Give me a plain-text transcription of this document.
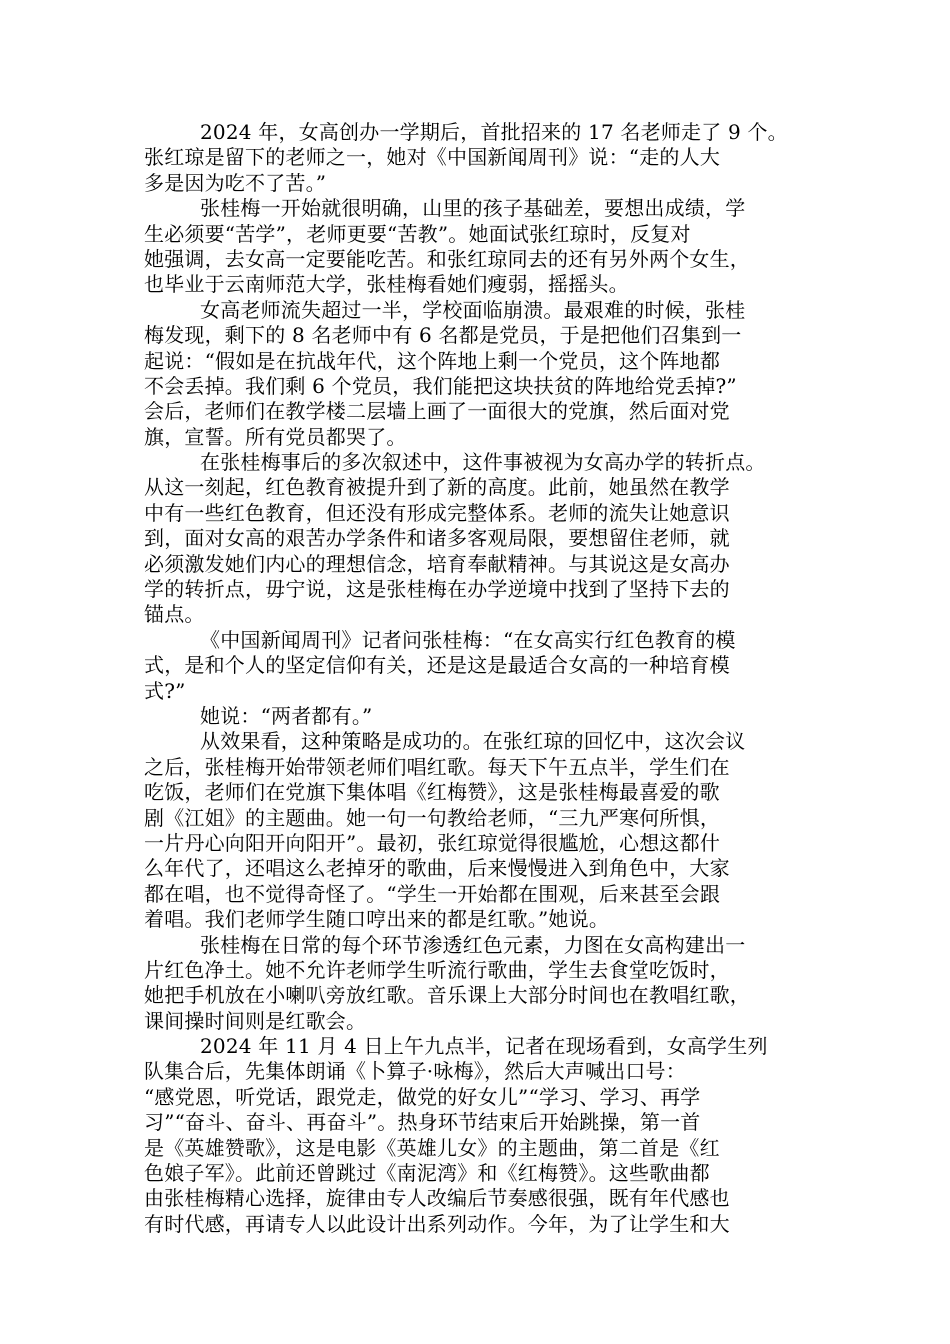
2024 年，女高创办一学期后，首批招来的 17 名老师走了 9 个。
张红琼是留下的老师之一，她对《中国新闻周刊》说：“走的人大
多是因为吃不了苦。”
张桂梅一开始就很明确，山里的孩子基础差，要想出成绩，学
生必须要“苦学”，老师更要“苦教”。她面试张红琼时，反复对
她强调，去女高一定要能吃苦。和张红琼同去的还有另外两个女生，
也毕业于云南师范大学，张桂梅看她们瘦弱，摇摇头。
女高老师流失超过一半，学校面临崩溃。最艰难的时候，张桂
梅发现，剩下的 8 名老师中有 6 名都是党员，于是把他们召集到一
起说：“假如是在抗战年代，这个阵地上剩一个党员，这个阵地都
不会丢掉。我们剩 6 个党员，我们能把这块扶贫的阵地给党丢掉?”
会后，老师们在教学楼二层墙上画了一面很大的党旗，然后面对党
旗，宣誓。所有党员都哭了。
在张桂梅事后的多次叙述中，这件事被视为女高办学的转折点。
从这一刻起，红色教育被提升到了新的高度。此前，她虽然在教学
中有一些红色教育，但还没有形成完整体系。老师的流失让她意识
到，面对女高的艰苦办学条件和诸多客观局限，要想留住老师，就
必须激发她们内心的理想信念，培育奉献精神。与其说这是女高办
学的转折点，毋宁说，这是张桂梅在办学逆境中找到了坚持下去的
锚点。
《中国新闻周刊》记者问张桂梅：“在女高实行红色教育的模
式，是和个人的坚定信仰有关，还是这是最适合女高的一种培育模
式?”
她说：“两者都有。”
从效果看，这种策略是成功的。在张红琼的回忆中，这次会议
之后，张桂梅开始带领老师们唱红歌。每天下午五点半，学生们在
吃饭，老师们在党旗下集体唱《红梅赞》，这是张桂梅最喜爱的歌
剧《江姐》的主题曲。她一句一句教给老师，“三九严寒何所惧，
一片丹心向阳开向阳开”。最初，张红琼觉得很尴尬，心想这都什
么年代了，还唱这么老掉牙的歌曲，后来慢慢进入到角色中，大家
都在唱，也不觉得奇怪了。“学生一开始都在围观，后来甚至会跟
着唱。我们老师学生随口哼出来的都是红歌。”她说。
张桂梅在日常的每个环节渗透红色元素，力图在女高构建出一
片红色净土。她不允许老师学生听流行歌曲，学生去食堂吃饭时，
她把手机放在小喇叭旁放红歌。音乐课上大部分时间也在教唱红歌，
课间操时间则是红歌会。
2024 年 11 月 4 日上午九点半，记者在现场看到，女高学生列
队集合后，先集体朗诵《卜算子·咏梅》，然后大声喊出口号：
“感党恩，听党话，跟党走，做党的好女儿”“学习、学习、再学
习”“奋斗、奋斗、再奋斗”。热身环节结束后开始跳操，第一首
是《英雄赞歌》，这是电影《英雄儿女》的主题曲，第二首是《红
色娘子军》。此前还曾跳过《南泥湾》和《红梅赞》。这些歌曲都
由张桂梅精心选择，旋律由专人改编后节奏感很强，既有年代感也
有时代感，再请专人以此设计出系列动作。今年，为了让学生和大
